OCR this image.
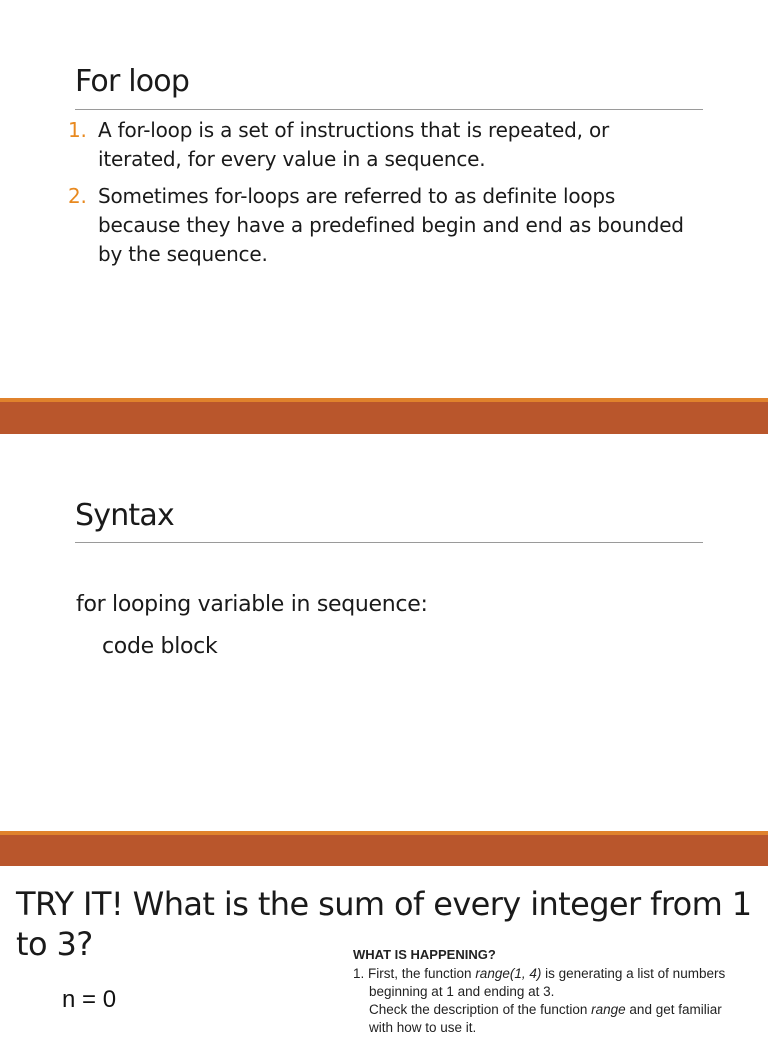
For loop
1. A for-loop is a set of instructions that is repeated, or iterated, for every value in a sequence.
2. Sometimes for-loops are referred to as definite loops because they have a predefined begin and end as bounded by the sequence.
Syntax
for looping variable in sequence:
code block
TRY IT! What is the sum of every integer from 1 to 3?	WHAT IS HAPPENING?
1. First, the function range(1, 4) is generating a list of numbers
beginning at 1 and ending at 3.
Check the description of the function range and get familiar
with how to use it.
n = 0
